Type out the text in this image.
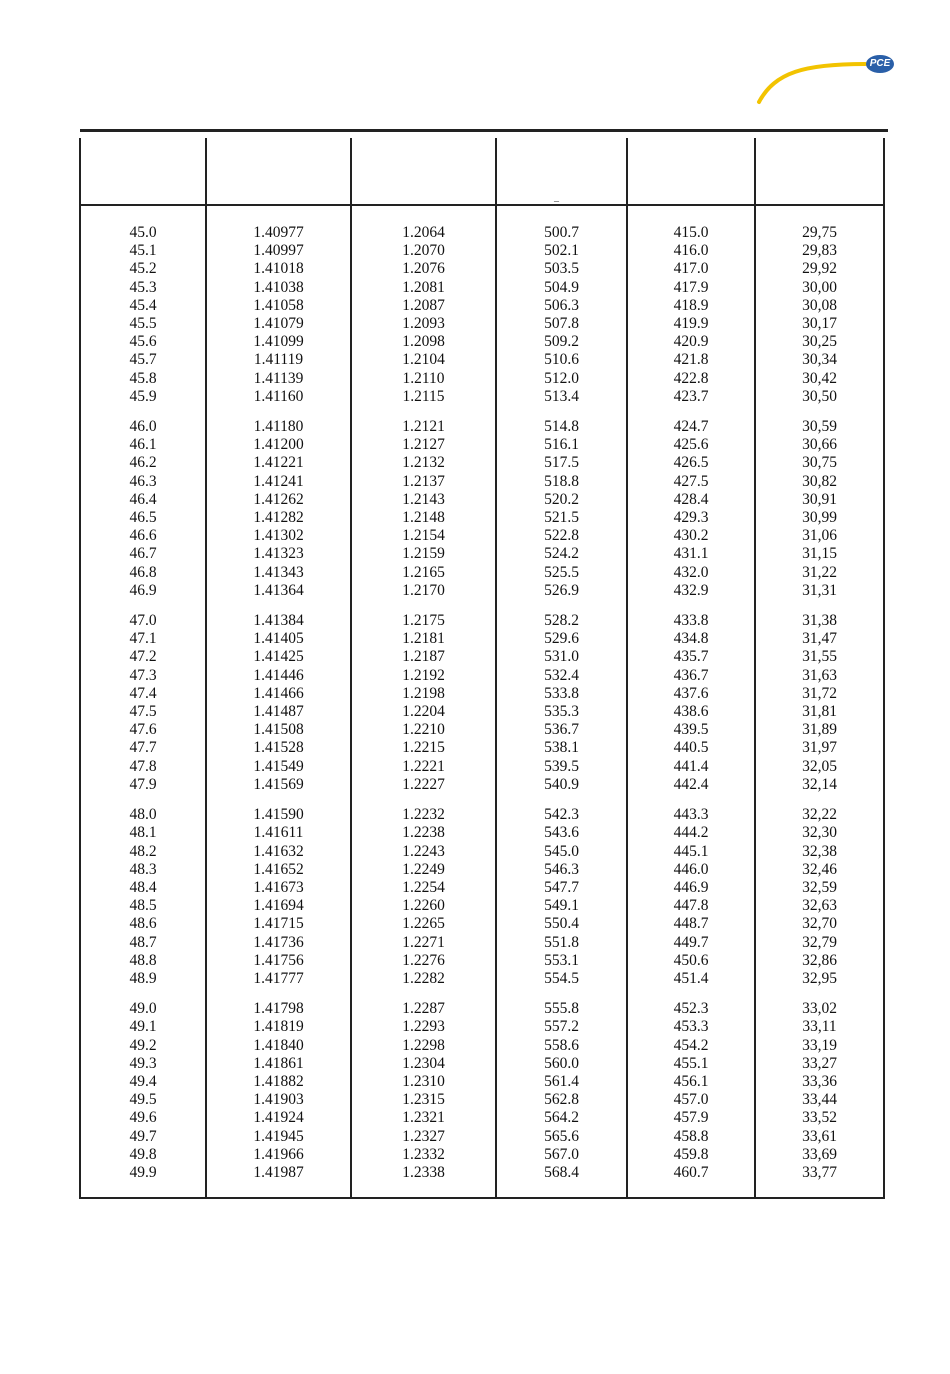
PCE
–
45.0
45.1
45.2
45.3
45.4
45.5
45.6
45.7
45.8
45.9
46.0
46.1
46.2
46.3
46.4
46.5
46.6
46.7
46.8
46.9
47.0
47.1
47.2
47.3
47.4
47.5
47.6
47.7
47.8
47.9
48.0
48.1
48.2
48.3
48.4
48.5
48.6
48.7
48.8
48.9
49.0
49.1
49.2
49.3
49.4
49.5
49.6
49.7
49.8
49.9
1.40977
1.40997
1.41018
1.41038
1.41058
1.41079
1.41099
1.41119
1.41139
1.41160
1.41180
1.41200
1.41221
1.41241
1.41262
1.41282
1.41302
1.41323
1.41343
1.41364
1.41384
1.41405
1.41425
1.41446
1.41466
1.41487
1.41508
1.41528
1.41549
1.41569
1.41590
1.41611
1.41632
1.41652
1.41673
1.41694
1.41715
1.41736
1.41756
1.41777
1.41798
1.41819
1.41840
1.41861
1.41882
1.41903
1.41924
1.41945
1.41966
1.41987
1.2064
1.2070
1.2076
1.2081
1.2087
1.2093
1.2098
1.2104
1.2110
1.2115
1.2121
1.2127
1.2132
1.2137
1.2143
1.2148
1.2154
1.2159
1.2165
1.2170
1.2175
1.2181
1.2187
1.2192
1.2198
1.2204
1.2210
1.2215
1.2221
1.2227
1.2232
1.2238
1.2243
1.2249
1.2254
1.2260
1.2265
1.2271
1.2276
1.2282
1.2287
1.2293
1.2298
1.2304
1.2310
1.2315
1.2321
1.2327
1.2332
1.2338
500.7
502.1
503.5
504.9
506.3
507.8
509.2
510.6
512.0
513.4
514.8
516.1
517.5
518.8
520.2
521.5
522.8
524.2
525.5
526.9
528.2
529.6
531.0
532.4
533.8
535.3
536.7
538.1
539.5
540.9
542.3
543.6
545.0
546.3
547.7
549.1
550.4
551.8
553.1
554.5
555.8
557.2
558.6
560.0
561.4
562.8
564.2
565.6
567.0
568.4
415.0
416.0
417.0
417.9
418.9
419.9
420.9
421.8
422.8
423.7
424.7
425.6
426.5
427.5
428.4
429.3
430.2
431.1
432.0
432.9
433.8
434.8
435.7
436.7
437.6
438.6
439.5
440.5
441.4
442.4
443.3
444.2
445.1
446.0
446.9
447.8
448.7
449.7
450.6
451.4
452.3
453.3
454.2
455.1
456.1
457.0
457.9
458.8
459.8
460.7
29,75
29,83
29,92
30,00
30,08
30,17
30,25
30,34
30,42
30,50
30,59
30,66
30,75
30,82
30,91
30,99
31,06
31,15
31,22
31,31
31,38
31,47
31,55
31,63
31,72
31,81
31,89
31,97
32,05
32,14
32,22
32,30
32,38
32,46
32,59
32,63
32,70
32,79
32,86
32,95
33,02
33,11
33,19
33,27
33,36
33,44
33,52
33,61
33,69
33,77
